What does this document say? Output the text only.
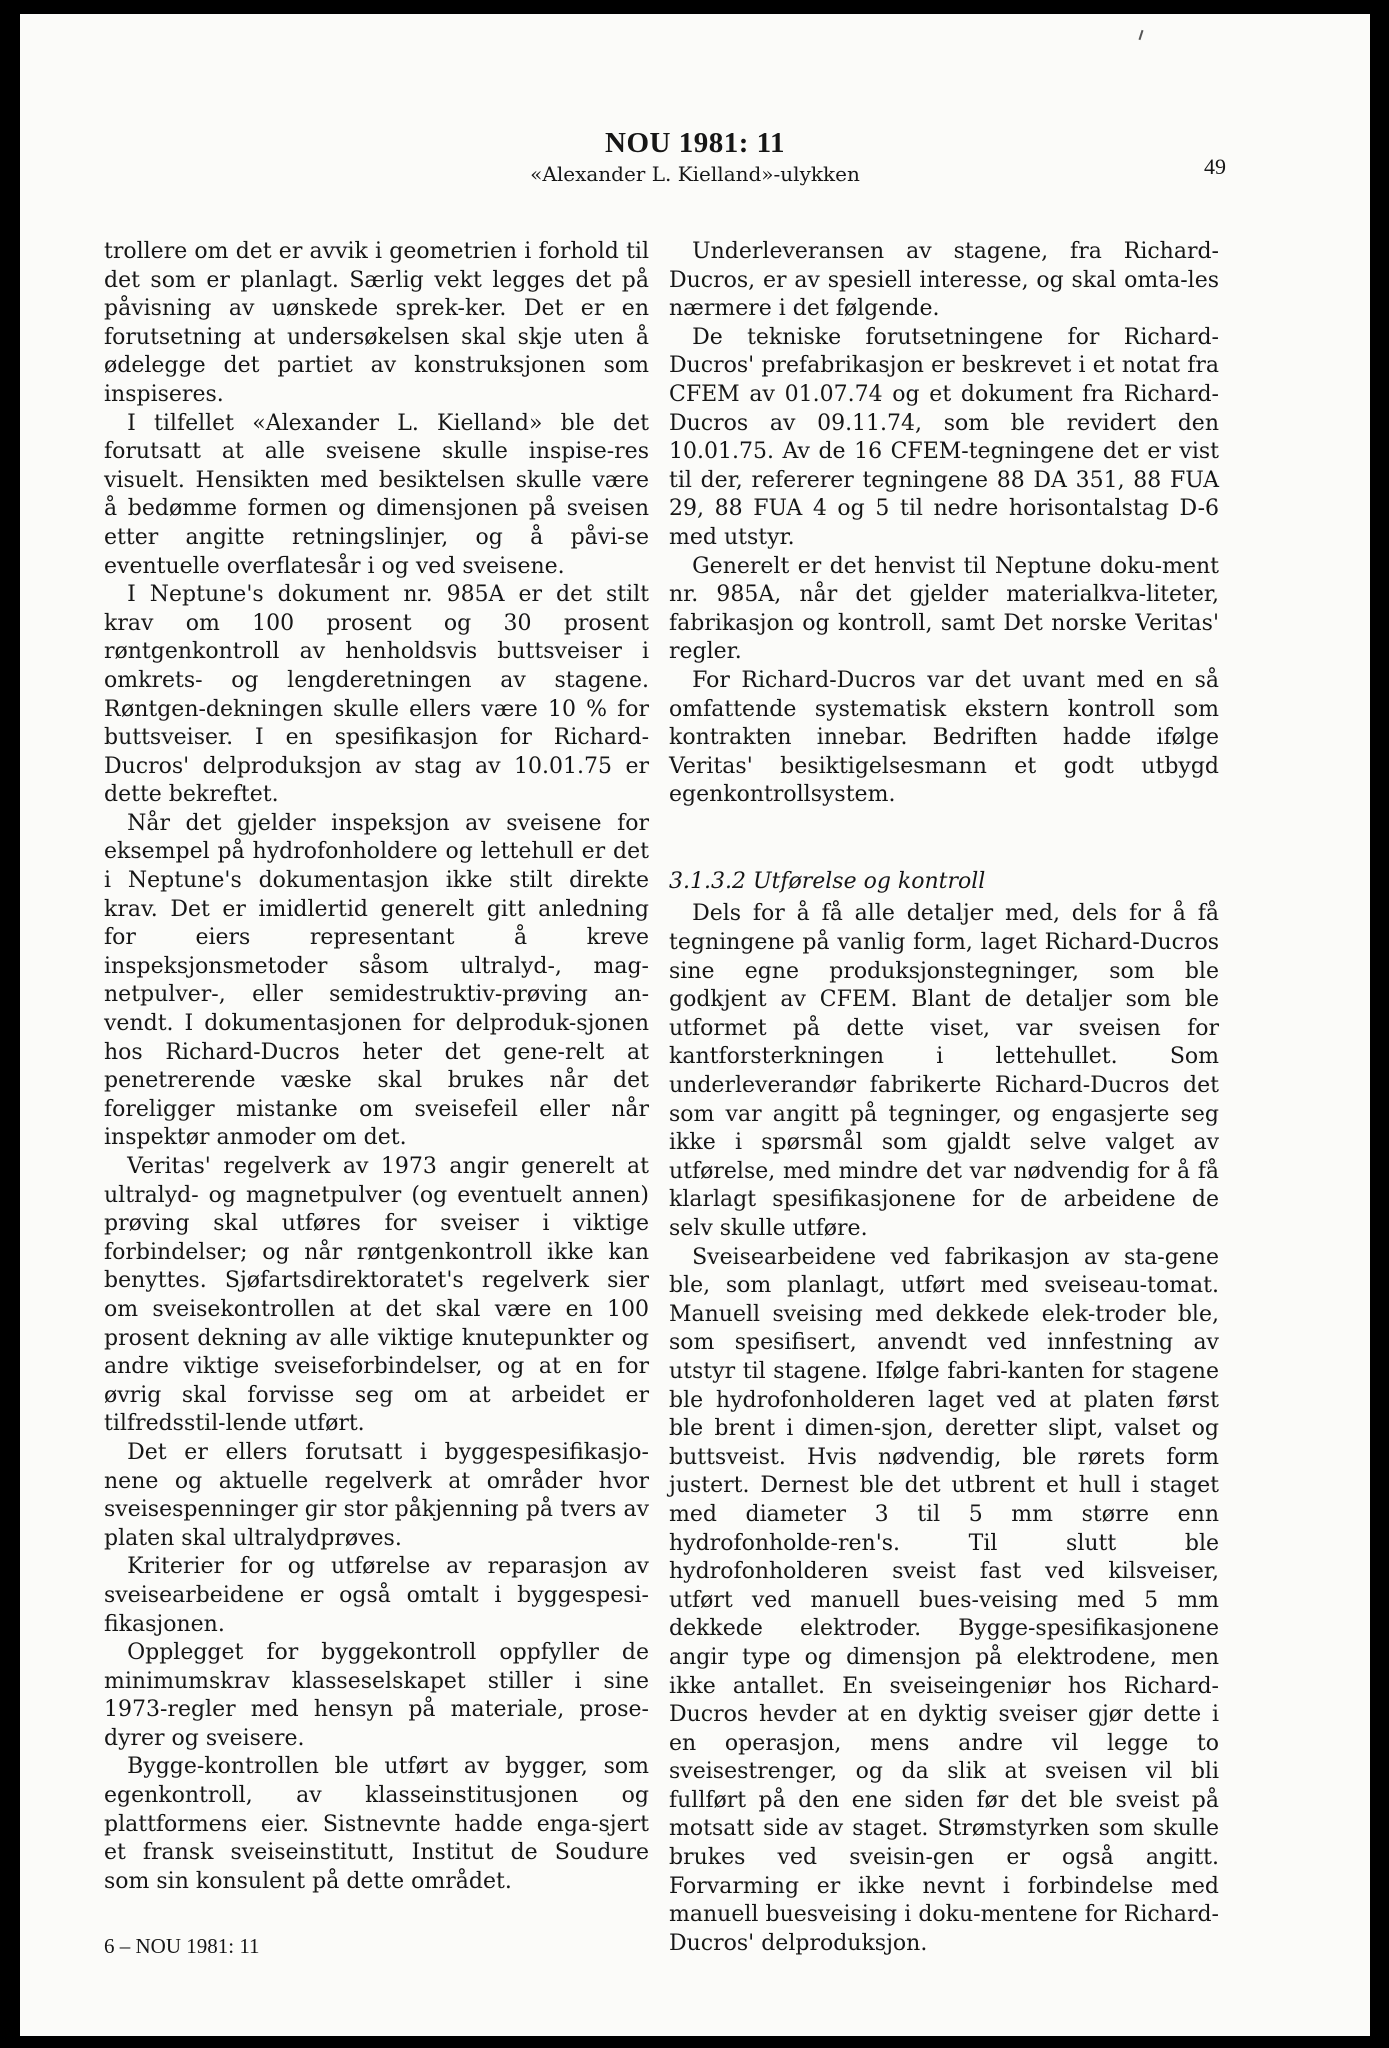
NOU 1981: 11
«Alexander L. Kielland»-ulykken	49

trollere om det er avvik i geometrien i forhold til det som er planlagt. Særlig vekt legges det på påvisning av uønskede sprek-ker. Det er en forutsetning at undersøkelsen skal skje uten å ødelegge det partiet av konstruksjonen som inspiseres.

I tilfellet «Alexander L. Kielland» ble det forutsatt at alle sveisene skulle inspise-res visuelt. Hensikten med besiktelsen skulle være å bedømme formen og dimensjonen på sveisen etter angitte retningslinjer, og å påvi-se eventuelle overflatesår i og ved sveisene.

I Neptune's dokument nr. 985A er det stilt krav om 100 prosent og 30 prosent røntgenkontroll av henholdsvis buttsveiser i omkrets- og lengderetningen av stagene. Røntgen-dekningen skulle ellers være 10 % for buttsveiser. I en spesifikasjon for Richard-Ducros' delproduksjon av stag av 10.01.75 er dette bekreftet.

Når det gjelder inspeksjon av sveisene for eksempel på hydrofonholdere og lettehull er det i Neptune's dokumentasjon ikke stilt direkte krav. Det er imidlertid generelt gitt anledning for eiers representant å kreve inspeksjonsmetoder såsom ultralyd-, mag-netpulver-, eller semidestruktiv-prøving an-vendt. I dokumentasjonen for delproduk-sjonen hos Richard-Ducros heter det gene-relt at penetrerende væske skal brukes når det foreligger mistanke om sveisefeil eller når inspektør anmoder om det.

Veritas' regelverk av 1973 angir generelt at ultralyd- og magnetpulver (og eventuelt annen) prøving skal utføres for sveiser i viktige forbindelser; og når røntgenkontroll ikke kan benyttes. Sjøfartsdirektoratet's regelverk sier om sveisekontrollen at det skal være en 100 prosent dekning av alle viktige knutepunkter og andre viktige sveiseforbindelser, og at en for øvrig skal forvisse seg om at arbeidet er tilfredsstil-lende utført.

Det er ellers forutsatt i byggespesifikasjo-nene og aktuelle regelverk at områder hvor sveisespenninger gir stor påkjenning på tvers av platen skal ultralydprøves.

Kriterier for og utførelse av reparasjon av sveisearbeidene er også omtalt i byggespesi-fikasjonen.

Opplegget for byggekontroll oppfyller de minimumskrav klasseselskapet stiller i sine 1973-regler med hensyn på materiale, prose-dyrer og sveisere.

Bygge-kontrollen ble utført av bygger, som egenkontroll, av klasseinstitusjonen og plattformens eier. Sistnevnte hadde enga-sjert et fransk sveiseinstitutt, Institut de Soudure som sin konsulent på dette området.

Underleveransen av stagene, fra Richard-Ducros, er av spesiell interesse, og skal omta-les nærmere i det følgende.

De tekniske forutsetningene for Richard-Ducros' prefabrikasjon er beskrevet i et notat fra CFEM av 01.07.74 og et dokument fra Richard-Ducros av 09.11.74, som ble revidert den 10.01.75. Av de 16 CFEM-tegningene det er vist til der, refererer tegningene 88 DA 351, 88 FUA 29, 88 FUA 4 og 5 til nedre horisontalstag D-6 med utstyr.

Generelt er det henvist til Neptune doku-ment nr. 985A, når det gjelder materialkva-liteter, fabrikasjon og kontroll, samt Det norske Veritas' regler.

For Richard-Ducros var det uvant med en så omfattende systematisk ekstern kontroll som kontrakten innebar. Bedriften hadde ifølge Veritas' besiktigelsesmann et godt utbygd egenkontrollsystem.

3.1.3.2 Utførelse og kontroll

Dels for å få alle detaljer med, dels for å få tegningene på vanlig form, laget Richard-Ducros sine egne produksjonstegninger, som ble godkjent av CFEM. Blant de detaljer som ble utformet på dette viset, var sveisen for kantforsterkningen i lettehullet. Som underleverandør fabrikerte Richard-Ducros det som var angitt på tegninger, og engasjerte seg ikke i spørsmål som gjaldt selve valget av utførelse, med mindre det var nødvendig for å få klarlagt spesifikasjonene for de arbeidene de selv skulle utføre.

Sveisearbeidene ved fabrikasjon av sta-gene ble, som planlagt, utført med sveiseau-tomat. Manuell sveising med dekkede elek-troder ble, som spesifisert, anvendt ved innfestning av utstyr til stagene. Ifølge fabri-kanten for stagene ble hydrofonholderen laget ved at platen først ble brent i dimen-sjon, deretter slipt, valset og buttsveist. Hvis nødvendig, ble rørets form justert. Dernest ble det utbrent et hull i staget med diameter 3 til 5 mm større enn hydrofonholde-ren's. Til slutt ble hydrofonholderen sveist fast ved kilsveiser, utført ved manuell bues-veising med 5 mm dekkede elektroder. Bygge-spesifikasjonene angir type og dimensjon på elektrodene, men ikke antallet. En sveiseingeniør hos Richard-Ducros hevder at en dyktig sveiser gjør dette i en operasjon, mens andre vil legge to sveisestrenger, og da slik at sveisen vil bli fullført på den ene siden før det ble sveist på motsatt side av staget. Strømstyrken som skulle brukes ved sveisin-gen er også angitt. Forvarming er ikke nevnt i forbindelse med manuell buesveising i doku-mentene for Richard-Ducros' delproduksjon.

6 – NOU 1981: 11
